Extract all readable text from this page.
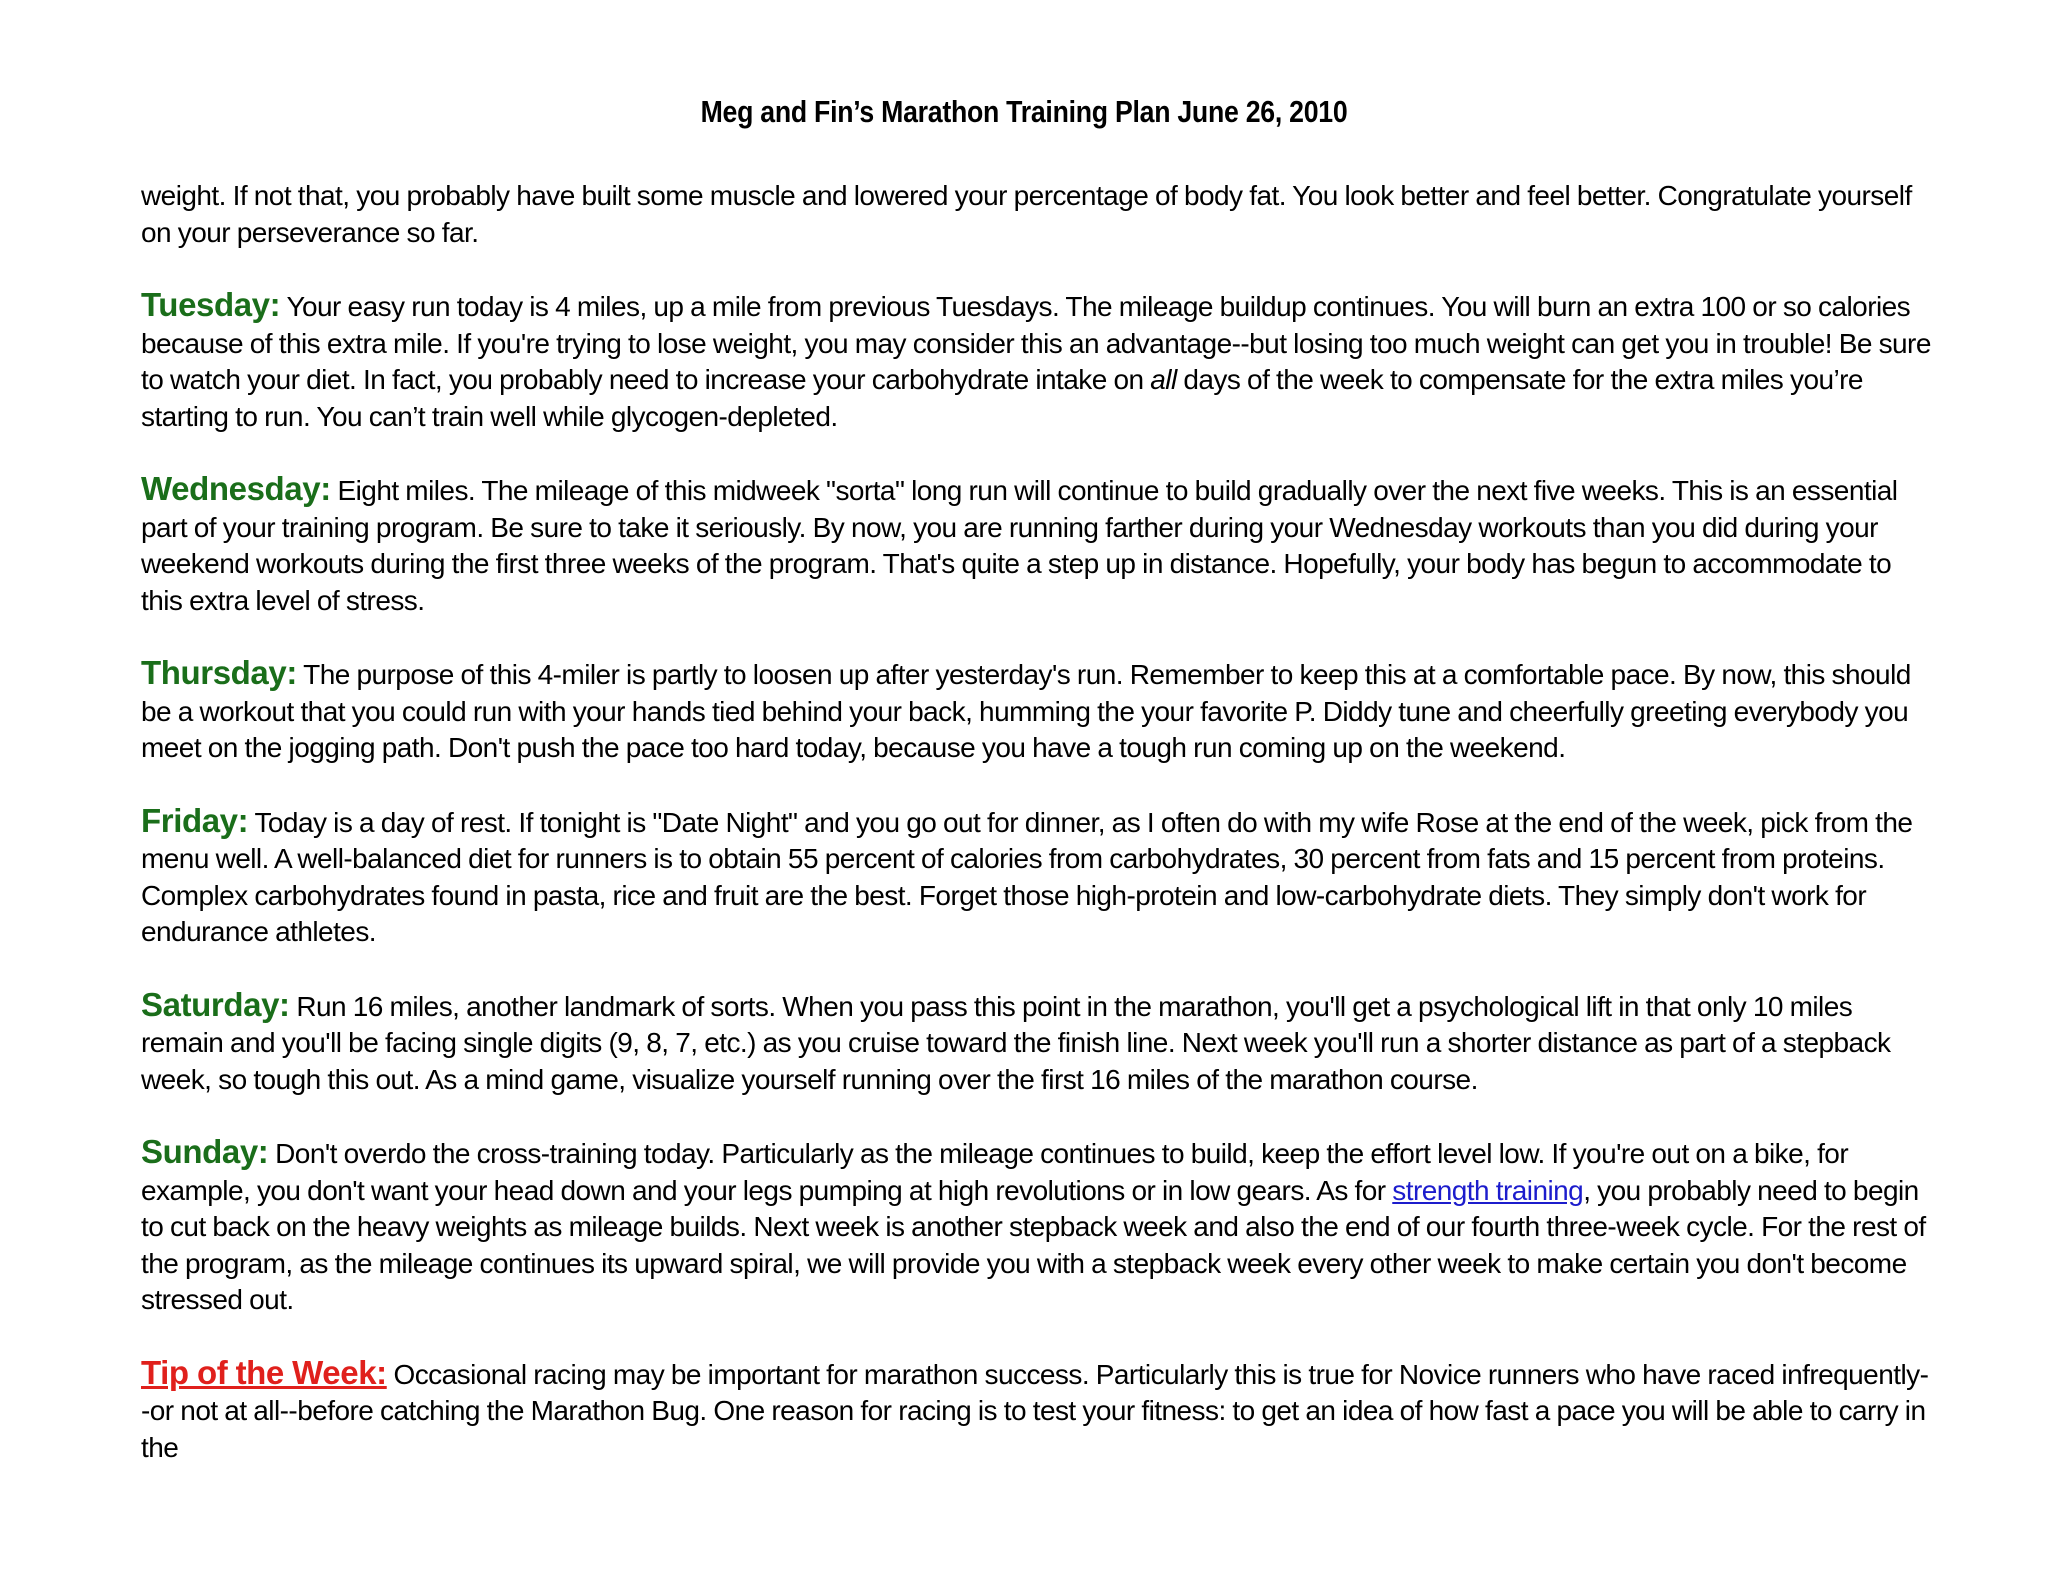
Meg and Fin’s Marathon Training Plan June 26, 2010

weight. If not that, you probably have built some muscle and lowered your percentage of body fat. You look better and feel better. Congratulate yourself on your perseverance so far.

Tuesday: Your easy run today is 4 miles, up a mile from previous Tuesdays. The mileage buildup continues. You will burn an extra 100 or so calories because of this extra mile. If you're trying to lose weight, you may consider this an advantage--but losing too much weight can get you in trouble! Be sure to watch your diet. In fact, you probably need to increase your carbohydrate intake on all days of the week to compensate for the extra miles you’re starting to run. You can’t train well while glycogen-depleted.

Wednesday: Eight miles. The mileage of this midweek "sorta" long run will continue to build gradually over the next five weeks. This is an essential part of your training program. Be sure to take it seriously. By now, you are running farther during your Wednesday workouts than you did during your weekend workouts during the first three weeks of the program. That's quite a step up in distance. Hopefully, your body has begun to accommodate to this extra level of stress.

Thursday: The purpose of this 4-miler is partly to loosen up after yesterday's run. Remember to keep this at a comfortable pace. By now, this should be a workout that you could run with your hands tied behind your back, humming the your favorite P. Diddy tune and cheerfully greeting everybody you meet on the jogging path. Don't push the pace too hard today, because you have a tough run coming up on the weekend.

Friday: Today is a day of rest. If tonight is "Date Night" and you go out for dinner, as I often do with my wife Rose at the end of the week, pick from the menu well. A well-balanced diet for runners is to obtain 55 percent of calories from carbohydrates, 30 percent from fats and 15 percent from proteins. Complex carbohydrates found in pasta, rice and fruit are the best. Forget those high-protein and low-carbohydrate diets. They simply don't work for endurance athletes.

Saturday: Run 16 miles, another landmark of sorts. When you pass this point in the marathon, you'll get a psychological lift in that only 10 miles remain and you'll be facing single digits (9, 8, 7, etc.) as you cruise toward the finish line. Next week you'll run a shorter distance as part of a stepback week, so tough this out. As a mind game, visualize yourself running over the first 16 miles of the marathon course.

Sunday: Don't overdo the cross-training today. Particularly as the mileage continues to build, keep the effort level low. If you're out on a bike, for example, you don't want your head down and your legs pumping at high revolutions or in low gears. As for strength training, you probably need to begin to cut back on the heavy weights as mileage builds. Next week is another stepback week and also the end of our fourth three-week cycle. For the rest of the program, as the mileage continues its upward spiral, we will provide you with a stepback week every other week to make certain you don't become stressed out.

Tip of the Week: Occasional racing may be important for marathon success. Particularly this is true for Novice runners who have raced infrequently--or not at all--before catching the Marathon Bug. One reason for racing is to test your fitness: to get an idea of how fast a pace you will be able to carry in the
